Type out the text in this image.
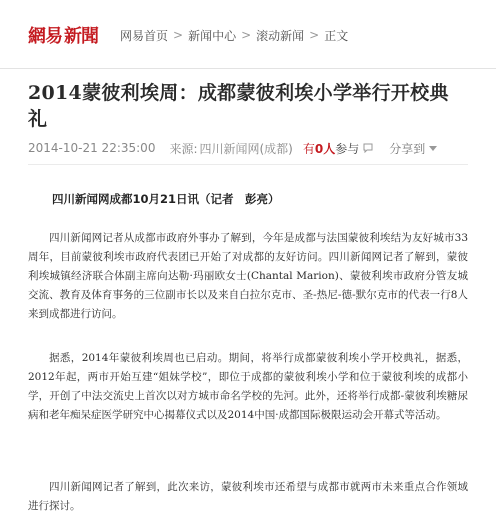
網易 新聞 网易首页 > 新闻中心 > 滚动新闻 > 正文
2014蒙彼利埃周：成都蒙彼利埃小学举行开校典礼
2014-10-21 22:35:00 来源: 四川新闻网(成都) 有0人参与	分享到
四川新闻网成都10月21日讯（记者　彭亮）

四川新闻网记者从成都市政府外事办了解到，今年是成都与法国蒙彼利埃结为友好城市33周年，目前蒙彼利埃市政府代表团已开始了对成都的友好访问。四川新闻网记者了解到，蒙彼利埃城镇经济联合体副主席向达勒·玛丽欧女士(Chantal Marion)、蒙彼利埃市政府分管友城交流、教育及体育事务的三位副市长以及来自白拉尔克市、圣-热尼-德-默尔克市的代表一行8人来到成都进行访问。

据悉，2014年蒙彼利埃周也已启动。期间，将举行成都蒙彼利埃小学开校典礼，据悉，2012年起，两市开始互建“姐妹学校”，即位于成都的蒙彼利埃小学和位于蒙彼利埃的成都小学，开创了中法交流史上首次以对方城市命名学校的先河。此外，还将举行成都-蒙彼利埃糖尿病和老年痴呆症医学研究中心揭幕仪式以及2014中国·成都国际极限运动会开幕式等活动。

四川新闻网记者了解到，此次来访，蒙彼利埃市还希望与成都市就两市未来重点合作领域进行探讨。
